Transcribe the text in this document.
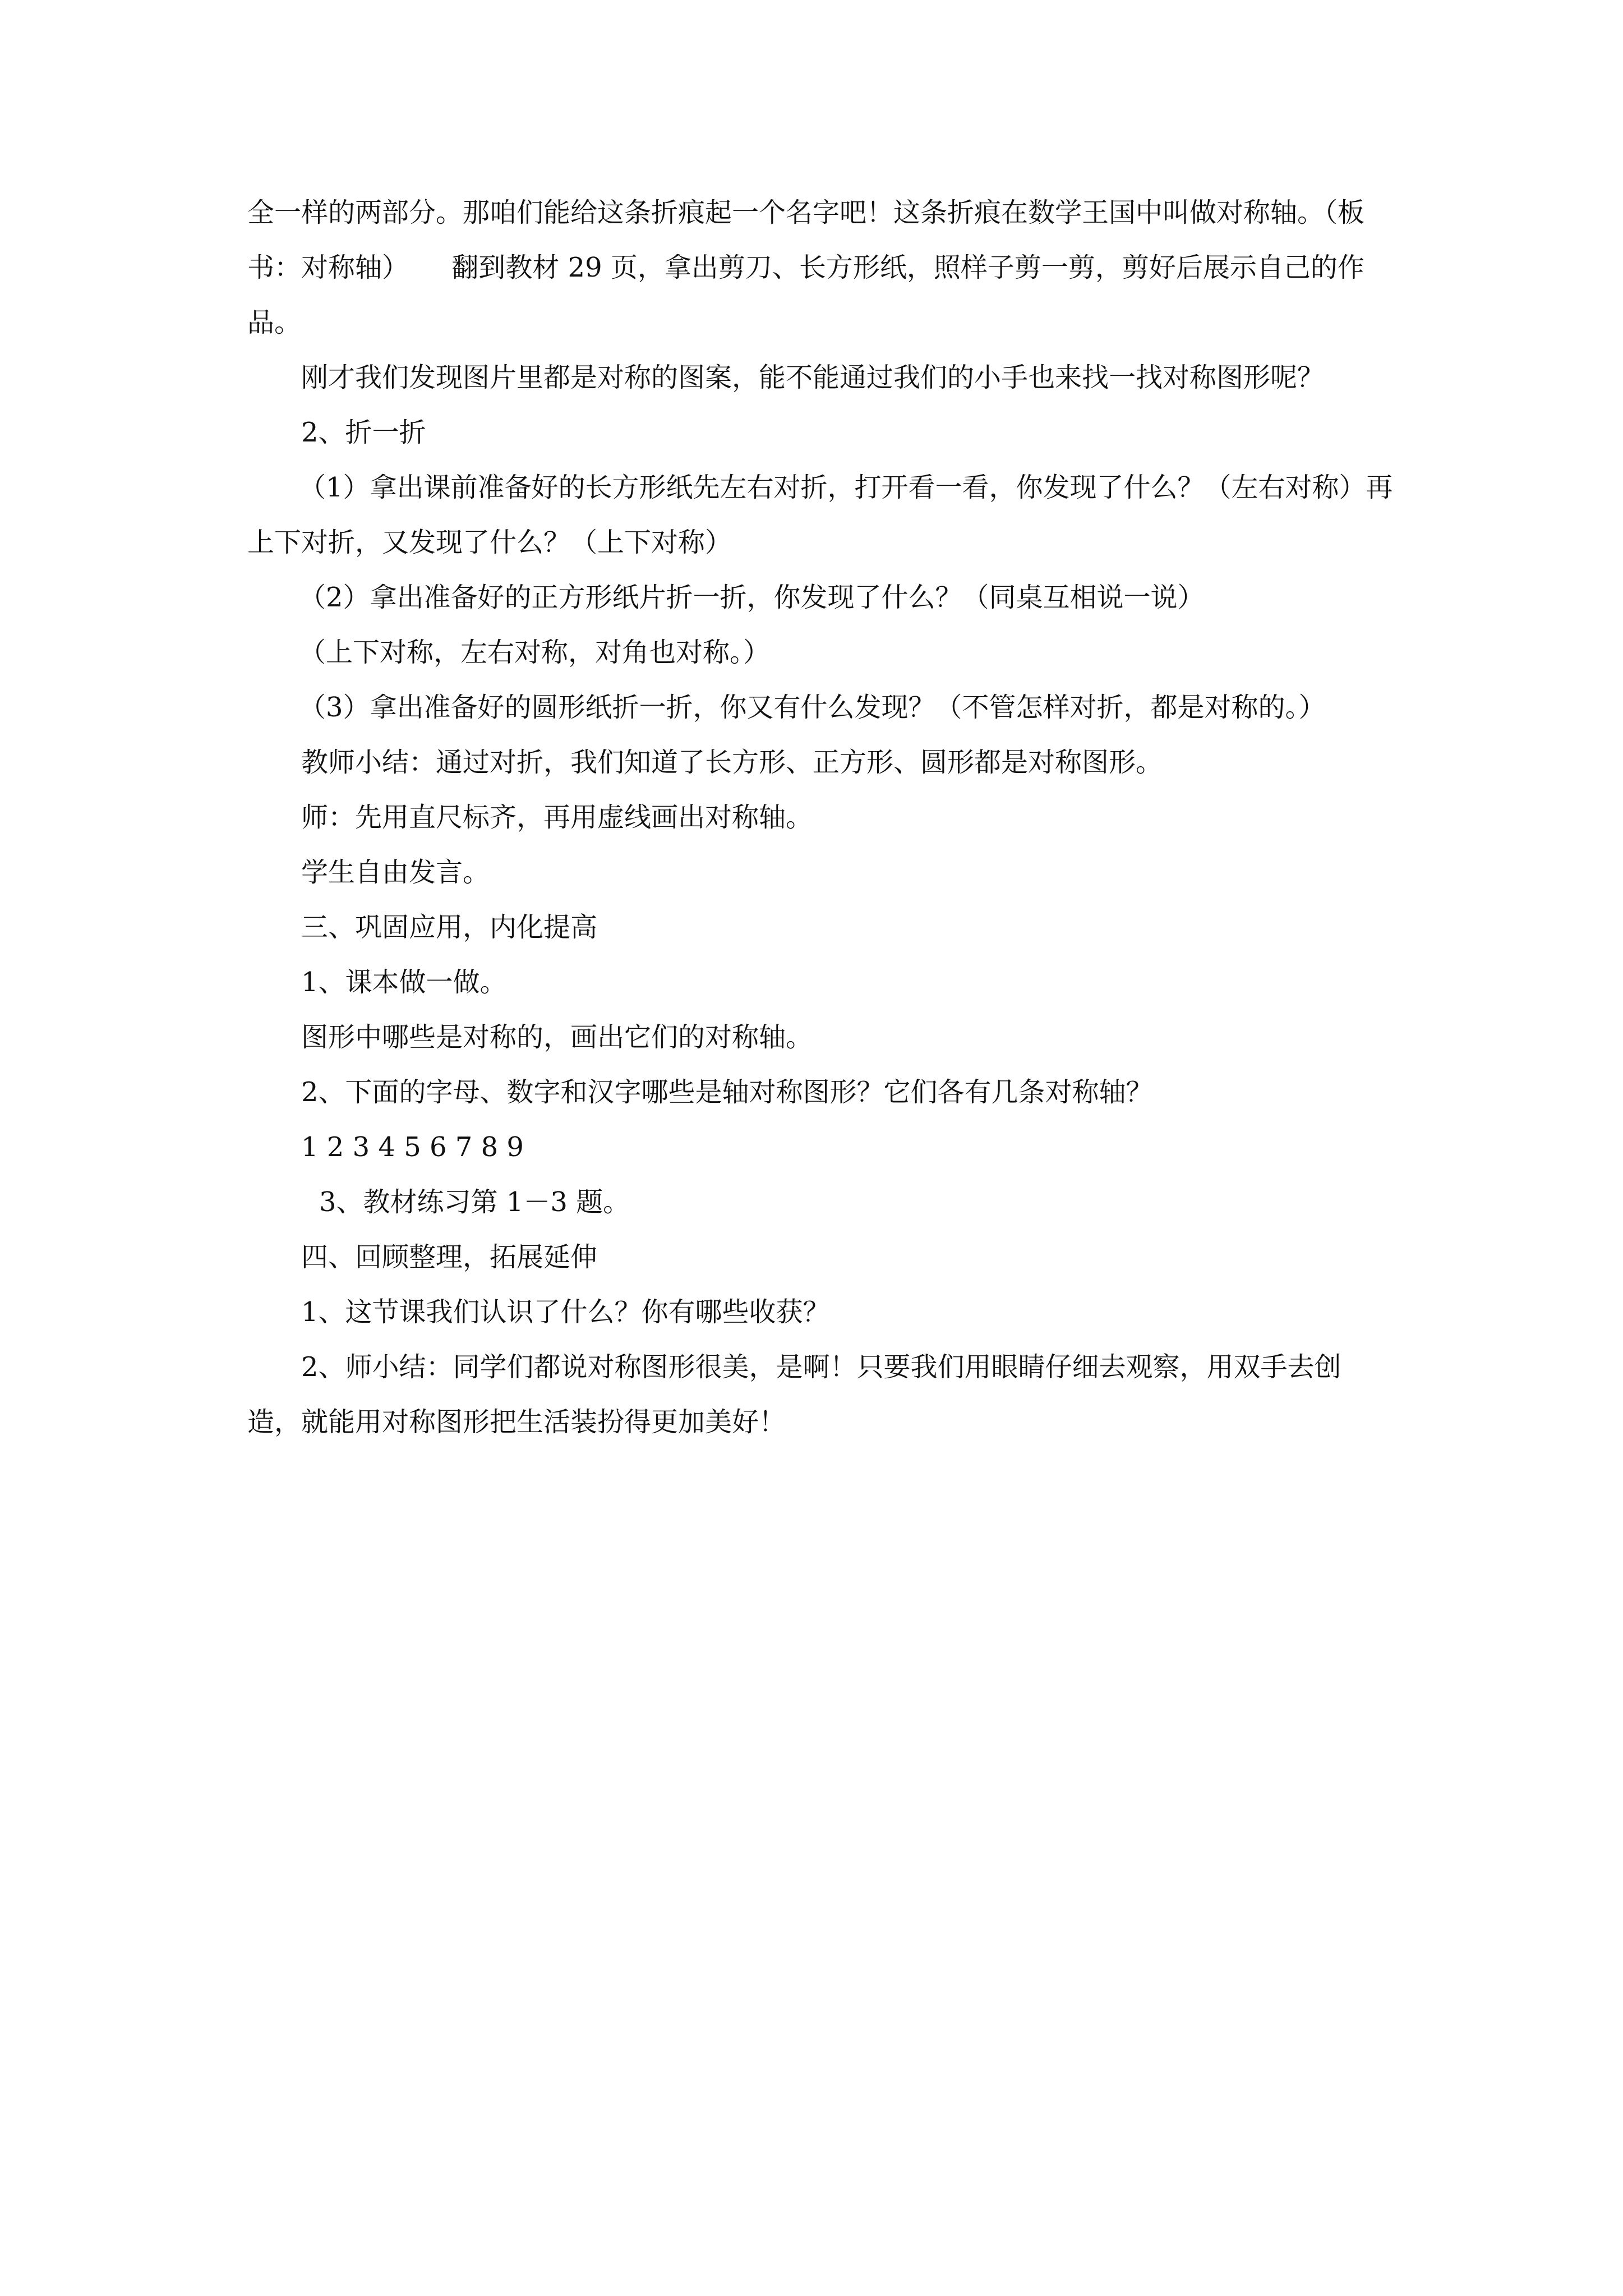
全一样的两部分。那咱们能给这条折痕起一个名字吧！这条折痕在数学王国中叫做对称轴。（板书：对称轴）     翻到教材 29 页，拿出剪刀、长方形纸，照样子剪一剪，剪好后展示自己的作品。

刚才我们发现图片里都是对称的图案，能不能通过我们的小手也来找一找对称图形呢？

2、折一折

（1）拿出课前准备好的长方形纸先左右对折，打开看一看，你发现了什么？（左右对称）再上下对折，又发现了什么？（上下对称）

（2）拿出准备好的正方形纸片折一折，你发现了什么？（同桌互相说一说）

（上下对称，左右对称，对角也对称。）

（3）拿出准备好的圆形纸折一折，你又有什么发现？（不管怎样对折，都是对称的。）

教师小结：通过对折，我们知道了长方形、正方形、圆形都是对称图形。

师：先用直尺标齐，再用虚线画出对称轴。

学生自由发言。

三、巩固应用，内化提高

1、课本做一做。

图形中哪些是对称的，画出它们的对称轴。

2、下面的字母、数字和汉字哪些是轴对称图形？它们各有几条对称轴？

1 2 3 4 5 6 7 8 9

3、教材练习第 1－3 题。

四、回顾整理，拓展延伸

1、这节课我们认识了什么？你有哪些收获？

2、师小结：同学们都说对称图形很美，是啊！只要我们用眼睛仔细去观察，用双手去创造，就能用对称图形把生活装扮得更加美好！
